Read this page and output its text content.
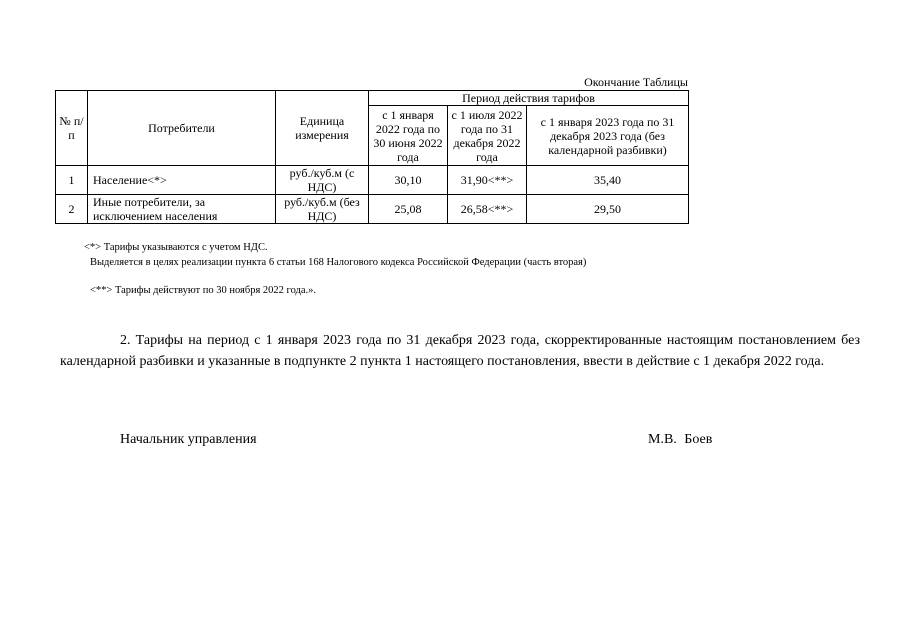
Окончание Таблицы
№ п/п	Потребители	Единица измерения	Период действия тарифов		
			с 1 января 2022 года по 30 июня 2022 года	с 1 июля 2022 года по 31 декабря 2022 года	с 1 января 2023 года по 31 декабря 2023 года (без календарной разбивки)
1	Население<*>	руб./куб.м (с НДС)	30,10	31,90<**>	35,40
2	Иные потребители, за исключением населения	руб./куб.м (без НДС)	25,08	26,58<**>	29,50
<*> Тарифы указываются с учетом НДС.
Выделяется в целях реализации пункта 6 статьи 168 Налогового кодекса Российской Федерации (часть вторая)
<**> Тарифы действуют по 30 ноября 2022 года.».

2. Тарифы на период с 1 января 2023 года по 31 декабря 2023 года, скорректированные настоящим постановлением без календарной разбивки и указанные в подпункте 2 пункта 1 настоящего постановления, ввести в действие с 1 декабря 2022 года.

Начальник управления	М.В. Боев
